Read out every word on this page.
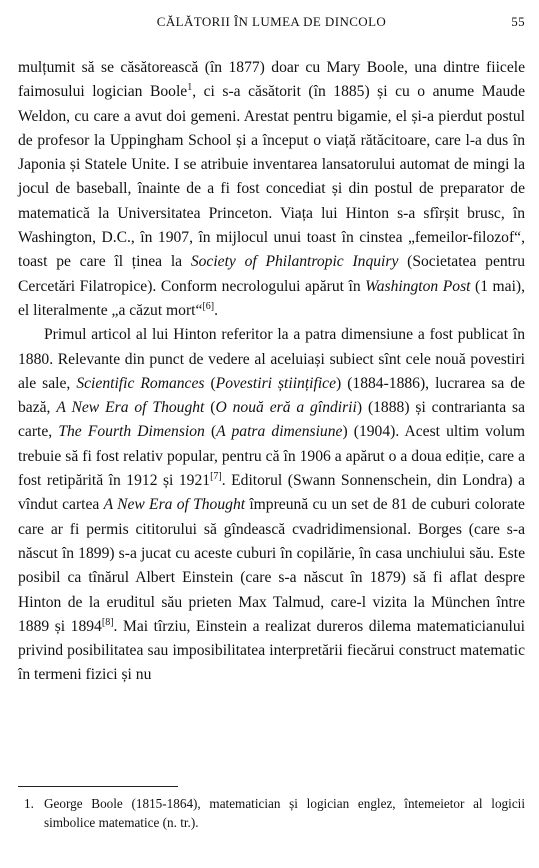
CĂLĂTORII ÎN LUMEA DE DINCOLO	55

mulțumit să se căsătorească (în 1877) doar cu Mary Boole, una dintre fiicele faimosului logician Boole$^1$, ci s-a căsătorit (în 1885) și cu o anume Maude Weldon, cu care a avut doi gemeni. Arestat pentru bigamie, el și-a pierdut postul de profesor la Uppingham School și a început o viață rătăcitoare, care l-a dus în Japonia și Statele Unite. I se atribuie inventarea lansatorului automat de mingi la jocul de baseball, înainte de a fi fost concediat și din postul de preparator de matematică la Universitatea Princeton. Viața lui Hinton s-a sfîrșit brusc, în Washington, D.C., în 1907, în mijlocul unui toast în cinstea „femeilor-filozof“, toast pe care îl ținea la Society of Philantropic Inquiry (Societatea pentru Cercetări Filatropice). Conform necrologului apărut în Washington Post (1 mai), el literalmente „a căzut mort“[6].

Primul articol al lui Hinton referitor la a patra dimensiune a fost publicat în 1880. Relevante din punct de vedere al aceluiași subiect sînt cele nouă povestiri ale sale, Scientific Romances (Povestiri științifice) (1884-1886), lucrarea sa de bază, A New Era of Thought (O nouă eră a gîndirii) (1888) și contrarianta sa carte, The Fourth Dimension (A patra dimensiune) (1904). Acest ultim volum trebuie să fi fost relativ popular, pentru că în 1906 a apărut o a doua ediție, care a fost retipărită în 1912 și 1921[7]. Editorul (Swann Sonnenschein, din Londra) a vîndut cartea A New Era of Thought împreună cu un set de 81 de cuburi colorate care ar fi permis cititorului să gîndească cvadridimensional. Borges (care s-a născut în 1899) s-a jucat cu aceste cuburi în copilărie, în casa unchiului său. Este posibil ca tînărul Albert Einstein (care s-a născut în 1879) să fi aflat despre Hinton de la eruditul său prieten Max Talmud, care-l vizita la München între 1889 și 1894[8]. Mai tîrziu, Einstein a realizat dureros dilema matematicianului privind posibilitatea sau imposibilitatea interpretării fiecărui construct matematic în termeni fizici și nu

1. George Boole (1815-1864), matematician și logician englez, întemeietor al logicii simbolice matematice (n. tr.).
